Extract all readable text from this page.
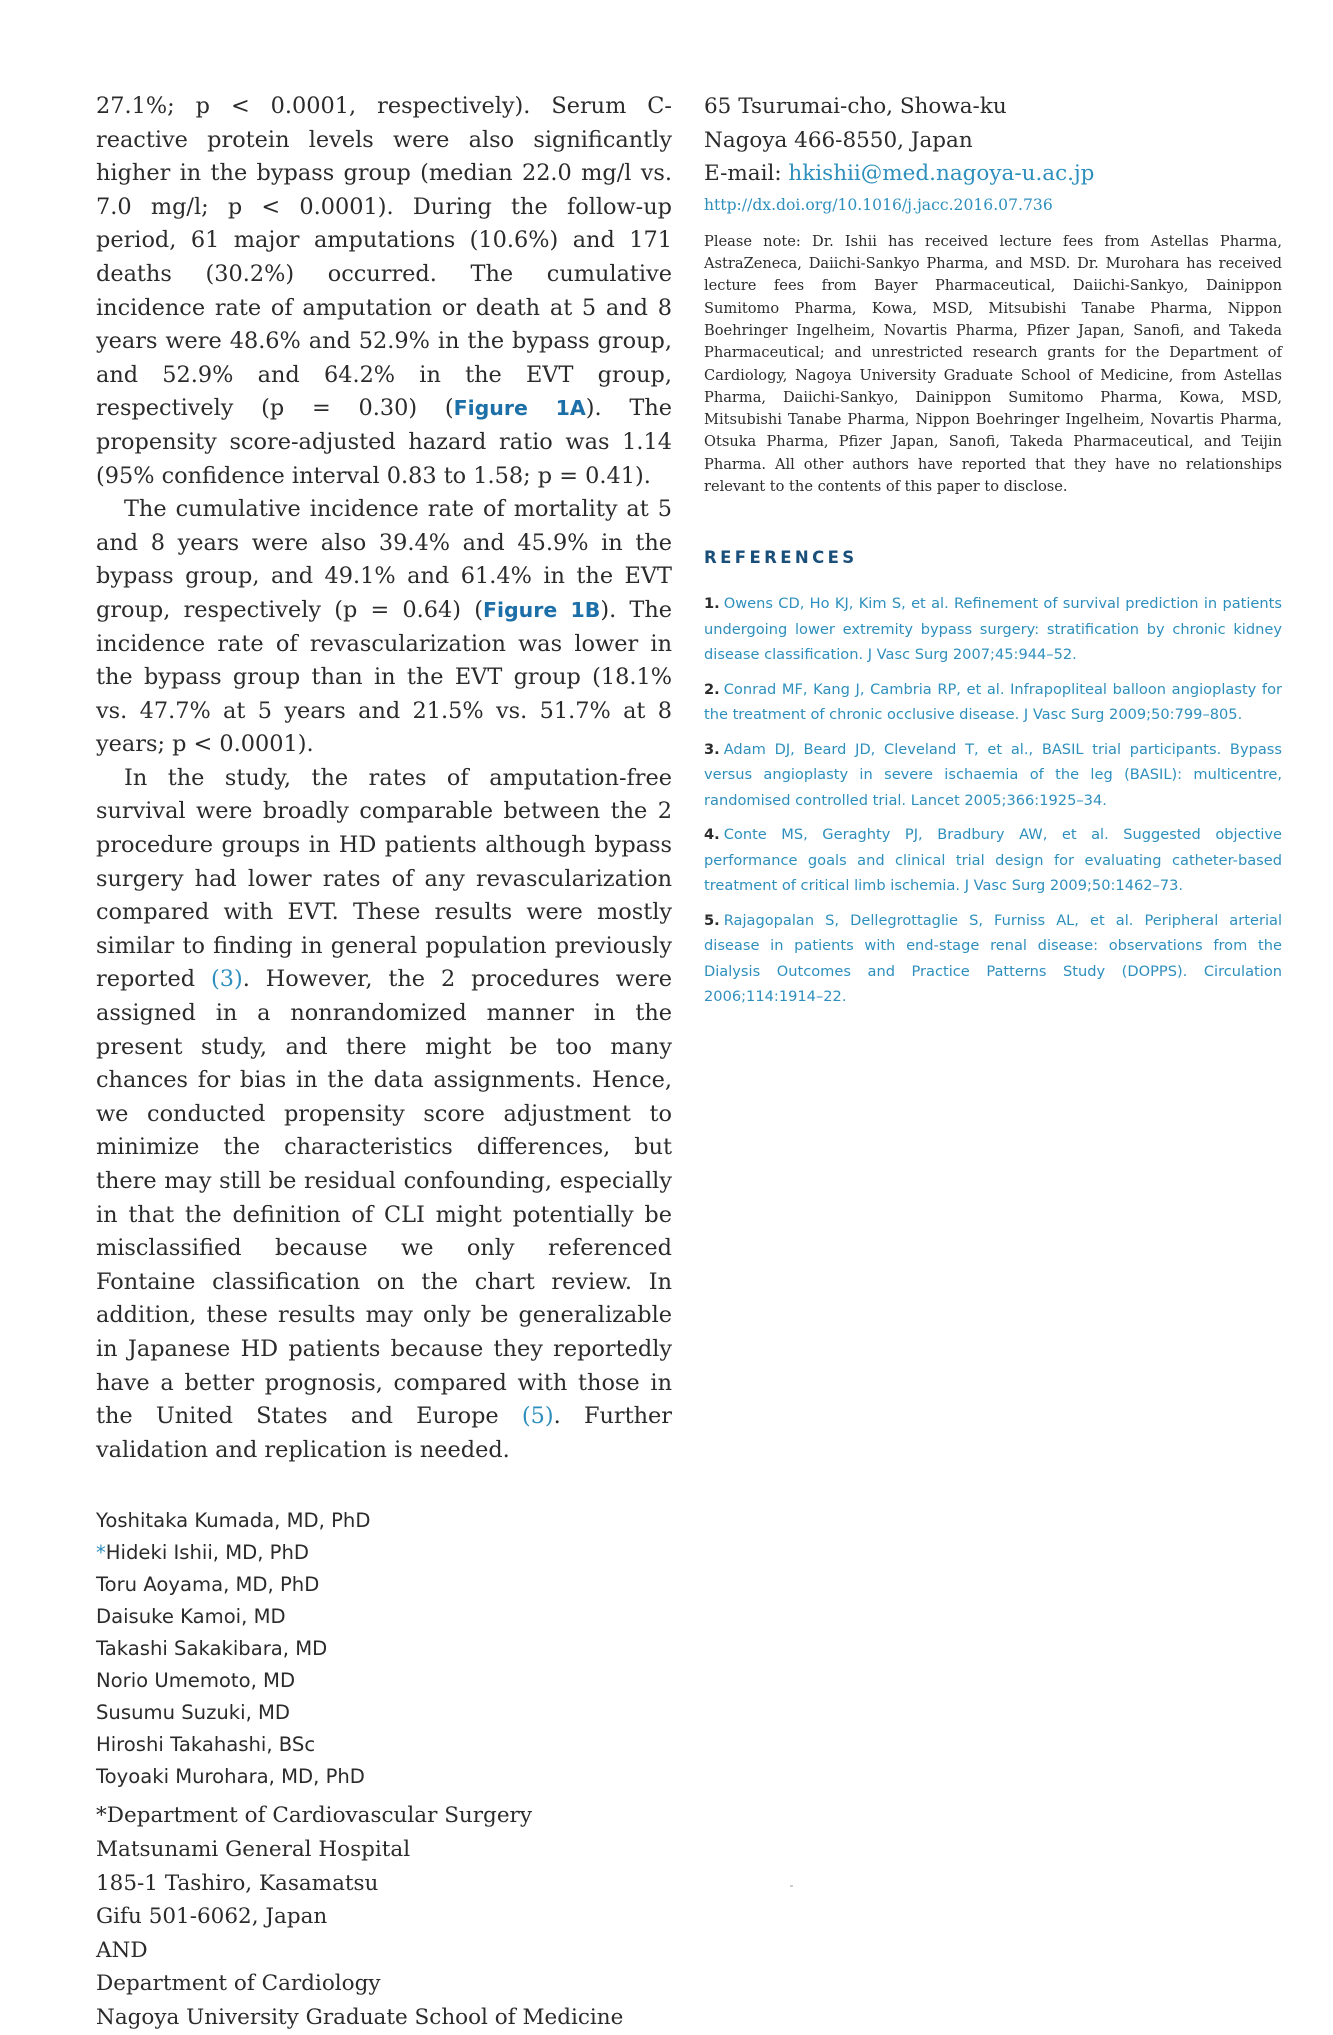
27.1%; p < 0.0001, respectively). Serum C-reactive protein levels were also significantly higher in the bypass group (median 22.0 mg/l vs. 7.0 mg/l; p < 0.0001). During the follow-up period, 61 major amputations (10.6%) and 171 deaths (30.2%) occurred. The cumulative incidence rate of amputation or death at 5 and 8 years were 48.6% and 52.9% in the bypass group, and 52.9% and 64.2% in the EVT group, respectively (p = 0.30) (Figure 1A). The propensity score-adjusted hazard ratio was 1.14 (95% confidence interval 0.83 to 1.58; p = 0.41).

The cumulative incidence rate of mortality at 5 and 8 years were also 39.4% and 45.9% in the bypass group, and 49.1% and 61.4% in the EVT group, respectively (p = 0.64) (Figure 1B). The incidence rate of revascularization was lower in the bypass group than in the EVT group (18.1% vs. 47.7% at 5 years and 21.5% vs. 51.7% at 8 years; p < 0.0001).

In the study, the rates of amputation-free survival were broadly comparable between the 2 procedure groups in HD patients although bypass surgery had lower rates of any revascularization compared with EVT. These results were mostly similar to finding in general population previously reported (3). However, the 2 procedures were assigned in a nonrandomized manner in the present study, and there might be too many chances for bias in the data assignments. Hence, we conducted propensity score adjustment to minimize the characteristics differences, but there may still be residual confounding, especially in that the definition of CLI might potentially be misclassified because we only referenced Fontaine classification on the chart review. In addition, these results may only be generalizable in Japanese HD patients because they reportedly have a better prognosis, compared with those in the United States and Europe (5). Further validation and replication is needed.

Yoshitaka Kumada, MD, PhD
*Hideki Ishii, MD, PhD
Toru Aoyama, MD, PhD
Daisuke Kamoi, MD
Takashi Sakakibara, MD
Norio Umemoto, MD
Susumu Suzuki, MD
Hiroshi Takahashi, BSc
Toyoaki Murohara, MD, PhD
*Department of Cardiovascular Surgery
Matsunami General Hospital
185-1 Tashiro, Kasamatsu
Gifu 501-6062, Japan
AND
Department of Cardiology
Nagoya University Graduate School of Medicine
65 Tsurumai-cho, Showa-ku
Nagoya 466-8550, Japan
E-mail: hkishii@med.nagoya-u.ac.jp
http://dx.doi.org/10.1016/j.jacc.2016.07.736

Please note: Dr. Ishii has received lecture fees from Astellas Pharma, AstraZeneca, Daiichi-Sankyo Pharma, and MSD. Dr. Murohara has received lecture fees from Bayer Pharmaceutical, Daiichi-Sankyo, Dainippon Sumitomo Pharma, Kowa, MSD, Mitsubishi Tanabe Pharma, Nippon Boehringer Ingelheim, Novartis Pharma, Pfizer Japan, Sanofi, and Takeda Pharmaceutical; and unrestricted research grants for the Department of Cardiology, Nagoya University Graduate School of Medicine, from Astellas Pharma, Daiichi-Sankyo, Dainippon Sumitomo Pharma, Kowa, MSD, Mitsubishi Tanabe Pharma, Nippon Boehringer Ingelheim, Novartis Pharma, Otsuka Pharma, Pfizer Japan, Sanofi, Takeda Pharmaceutical, and Teijin Pharma. All other authors have reported that they have no relationships relevant to the contents of this paper to disclose.

REFERENCES

1. Owens CD, Ho KJ, Kim S, et al. Refinement of survival prediction in patients undergoing lower extremity bypass surgery: stratification by chronic kidney disease classification. J Vasc Surg 2007;45:944–52.

2. Conrad MF, Kang J, Cambria RP, et al. Infrapopliteal balloon angioplasty for the treatment of chronic occlusive disease. J Vasc Surg 2009;50:799–805.

3. Adam DJ, Beard JD, Cleveland T, et al., BASIL trial participants. Bypass versus angioplasty in severe ischaemia of the leg (BASIL): multicentre, randomised controlled trial. Lancet 2005;366:1925–34.

4. Conte MS, Geraghty PJ, Bradbury AW, et al. Suggested objective performance goals and clinical trial design for evaluating catheter-based treatment of critical limb ischemia. J Vasc Surg 2009;50:1462–73.

5. Rajagopalan S, Dellegrottaglie S, Furniss AL, et al. Peripheral arterial disease in patients with end-stage renal disease: observations from the Dialysis Outcomes and Practice Patterns Study (DOPPS). Circulation 2006;114:1914–22.
